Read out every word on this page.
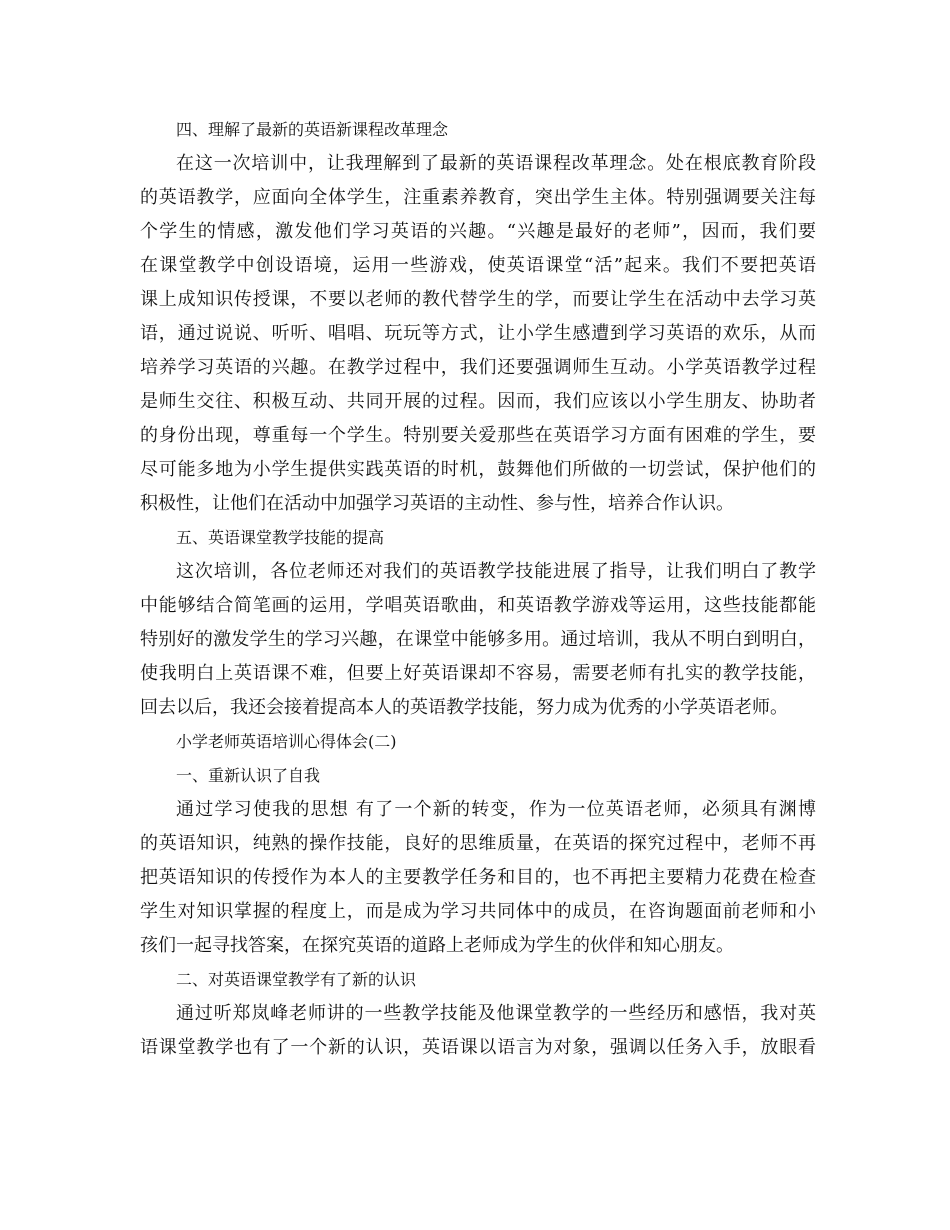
四、理解了最新的英语新课程改革理念
在这一次培训中，让我理解到了最新的英语课程改革理念。处在根底教育阶段
的英语教学，应面向全体学生，注重素养教育，突出学生主体。特别强调要关注每
个学生的情感，激发他们学习英语的兴趣。“兴趣是最好的老师”，因而，我们要
在课堂教学中创设语境，运用一些游戏，使英语课堂“活”起来。我们不要把英语
课上成知识传授课，不要以老师的教代替学生的学，而要让学生在活动中去学习英
语，通过说说、听听、唱唱、玩玩等方式，让小学生感遭到学习英语的欢乐，从而
培养学习英语的兴趣。在教学过程中，我们还要强调师生互动。小学英语教学过程
是师生交往、积极互动、共同开展的过程。因而，我们应该以小学生朋友、协助者
的身份出现，尊重每一个学生。特别要关爱那些在英语学习方面有困难的学生，要
尽可能多地为小学生提供实践英语的时机，鼓舞他们所做的一切尝试，保护他们的
积极性，让他们在活动中加强学习英语的主动性、参与性，培养合作认识。
五、英语课堂教学技能的提高
这次培训，各位老师还对我们的英语教学技能进展了指导，让我们明白了教学
中能够结合简笔画的运用，学唱英语歌曲，和英语教学游戏等运用，这些技能都能
特别好的激发学生的学习兴趣，在课堂中能够多用。通过培训，我从不明白到明白，
使我明白上英语课不难，但要上好英语课却不容易，需要老师有扎实的教学技能，
回去以后，我还会接着提高本人的英语教学技能，努力成为优秀的小学英语老师。
小学老师英语培训心得体会(二)
一、重新认识了自我
通过学习使我的思想 有了一个新的转变，作为一位英语老师，必须具有渊博
的英语知识，纯熟的操作技能，良好的思维质量，在英语的探究过程中，老师不再
把英语知识的传授作为本人的主要教学任务和目的，也不再把主要精力花费在检查
学生对知识掌握的程度上，而是成为学习共同体中的成员，在咨询题面前老师和小
孩们一起寻找答案，在探究英语的道路上老师成为学生的伙伴和知心朋友。
二、对英语课堂教学有了新的认识
通过听郑岚峰老师讲的一些教学技能及他课堂教学的一些经历和感悟，我对英
语课堂教学也有了一个新的认识，英语课以语言为对象，强调以任务入手，放眼看
